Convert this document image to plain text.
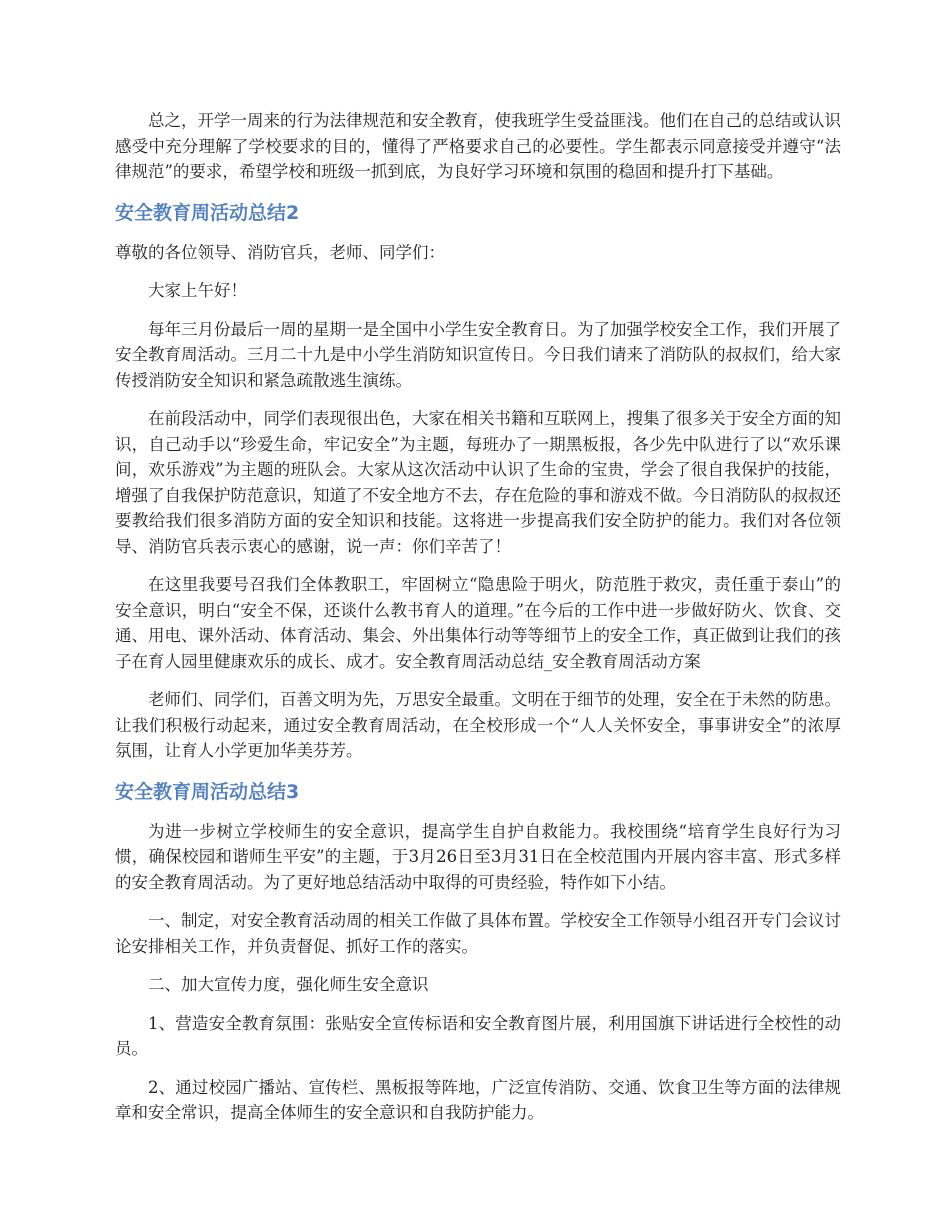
总之，开学一周来的行为法律规范和安全教育，使我班学生受益匪浅。他们在自己的总结或认识感受中充分理解了学校要求的目的，懂得了严格要求自己的必要性。学生都表示同意接受并遵守“法律规范”的要求，希望学校和班级一抓到底，为良好学习环境和氛围的稳固和提升打下基础。

安全教育周活动总结2

尊敬的各位领导、消防官兵，老师、同学们：

大家上午好！

每年三月份最后一周的星期一是全国中小学生安全教育日。为了加强学校安全工作，我们开展了安全教育周活动。三月二十九是中小学生消防知识宣传日。今日我们请来了消防队的叔叔们，给大家传授消防安全知识和紧急疏散逃生演练。

在前段活动中，同学们表现很出色，大家在相关书籍和互联网上，搜集了很多关于安全方面的知识，自己动手以“珍爱生命，牢记安全”为主题，每班办了一期黑板报，各少先中队进行了以“欢乐课间，欢乐游戏”为主题的班队会。大家从这次活动中认识了生命的宝贵，学会了很自我保护的技能，增强了自我保护防范意识，知道了不安全地方不去，存在危险的事和游戏不做。今日消防队的叔叔还要教给我们很多消防方面的安全知识和技能。这将进一步提高我们安全防护的能力。我们对各位领导、消防官兵表示衷心的感谢，说一声：你们辛苦了！

在这里我要号召我们全体教职工，牢固树立“隐患险于明火，防范胜于救灾，责任重于泰山”的安全意识，明白“安全不保，还谈什么教书育人的道理。”在今后的工作中进一步做好防火、饮食、交通、用电、课外活动、体育活动、集会、外出集体行动等等细节上的安全工作，真正做到让我们的孩子在育人园里健康欢乐的成长、成才。安全教育周活动总结_安全教育周活动方案

老师们、同学们，百善文明为先，万思安全最重。文明在于细节的处理，安全在于未然的防患。让我们积极行动起来，通过安全教育周活动，在全校形成一个“人人关怀安全，事事讲安全”的浓厚氛围，让育人小学更加华美芬芳。

安全教育周活动总结3

为进一步树立学校师生的安全意识，提高学生自护自救能力。我校围绕“培育学生良好行为习惯，确保校园和谐师生平安”的主题，于3月26日至3月31日在全校范围内开展内容丰富、形式多样的安全教育周活动。为了更好地总结活动中取得的可贵经验，特作如下小结。

一、制定，对安全教育活动周的相关工作做了具体布置。学校安全工作领导小组召开专门会议讨论安排相关工作，并负责督促、抓好工作的落实。

二、加大宣传力度，强化师生安全意识

1、营造安全教育氛围：张贴安全宣传标语和安全教育图片展，利用国旗下讲话进行全校性的动员。

2、通过校园广播站、宣传栏、黑板报等阵地，广泛宣传消防、交通、饮食卫生等方面的法律规章和安全常识，提高全体师生的安全意识和自我防护能力。
